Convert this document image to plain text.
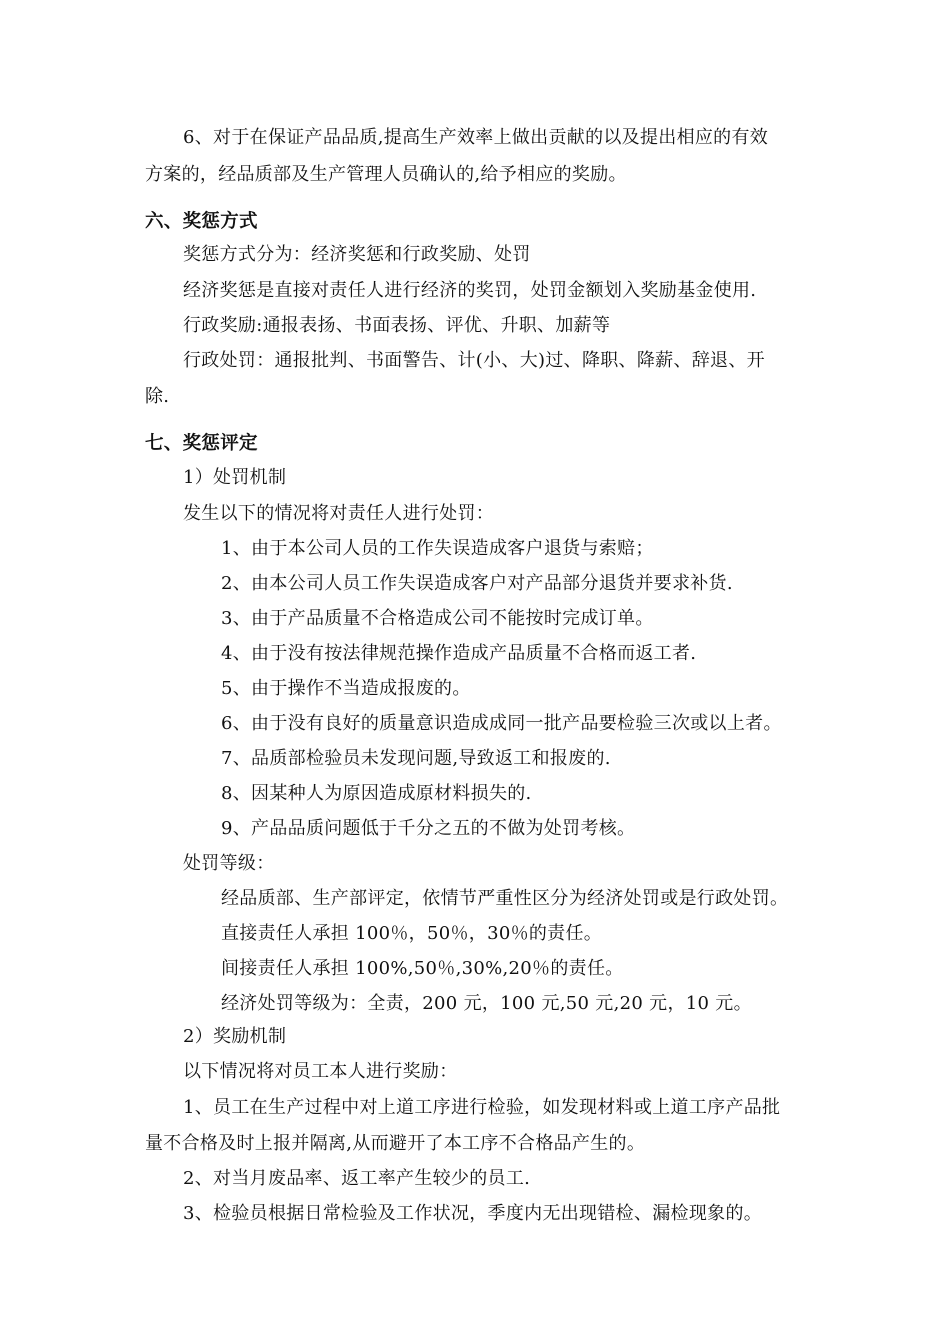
6、对于在保证产品品质,提高生产效率上做出贡献的以及提出相应的有效
方案的，经品质部及生产管理人员确认的,给予相应的奖励。
六、奖惩方式
奖惩方式分为：经济奖惩和行政奖励、处罚
经济奖惩是直接对责任人进行经济的奖罚，处罚金额划入奖励基金使用.
行政奖励:通报表扬、书面表扬、评优、升职、加薪等
行政处罚：通报批判、书面警告、计(小、大)过、降职、降薪、辞退、开
除.
七、奖惩评定
1）处罚机制
发生以下的情况将对责任人进行处罚：
1、由于本公司人员的工作失误造成客户退货与索赔；
2、由本公司人员工作失误造成客户对产品部分退货并要求补货.
3、由于产品质量不合格造成公司不能按时完成订单。
4、由于没有按法律规范操作造成产品质量不合格而返工者.
5、由于操作不当造成报废的。
6、由于没有良好的质量意识造成成同一批产品要检验三次或以上者。
7、品质部检验员未发现问题,导致返工和报废的.
8、因某种人为原因造成原材料损失的.
9、产品品质问题低于千分之五的不做为处罚考核。
处罚等级：
经品质部、生产部评定，依情节严重性区分为经济处罚或是行政处罚。
直接责任人承担 100％，50％，30％的责任。
间接责任人承担 100%,50％,30%,20％的责任。
经济处罚等级为：全责，200 元，100 元,50 元,20 元，10 元。
2）奖励机制
以下情况将对员工本人进行奖励：
1、员工在生产过程中对上道工序进行检验，如发现材料或上道工序产品批
量不合格及时上报并隔离,从而避开了本工序不合格品产生的。
2、对当月废品率、返工率产生较少的员工.
3、检验员根据日常检验及工作状况，季度内无出现错检、漏检现象的。
